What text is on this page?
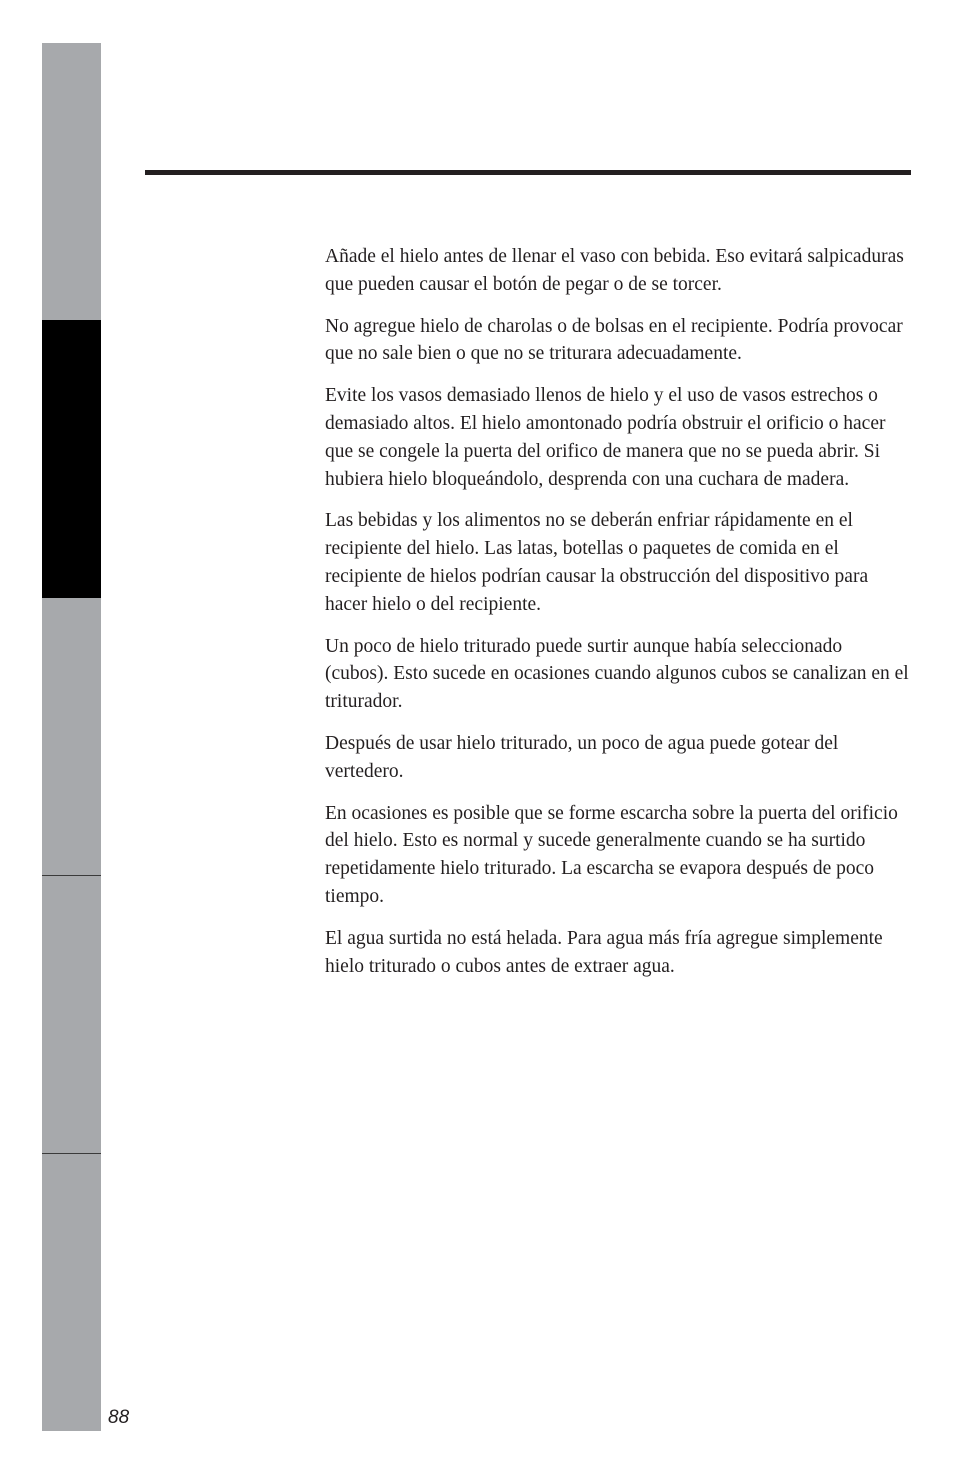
Añade el hielo antes de llenar el vaso con bebida. Eso evitará salpicaduras que pueden causar el botón de pegar o de se torcer.

No agregue hielo de charolas o de bolsas en el recipiente. Podría provocar que no sale bien o que no se triturara adecuadamente.

Evite los vasos demasiado llenos de hielo y el uso de vasos estrechos o demasiado altos. El hielo amontonado podría obstruir el orificio o hacer que se congele la puerta del orifico de manera que no se pueda abrir. Si hubiera hielo bloqueándolo, desprenda con una cuchara de madera.

Las bebidas y los alimentos no se deberán enfriar rápidamente en el recipiente del hielo. Las latas, botellas o paquetes de comida en el recipiente de hielos podrían causar la obstrucción del dispositivo para hacer hielo o del recipiente.

Un poco de hielo triturado puede surtir aunque había seleccionado(cubos). Esto sucede en ocasiones cuando algunos cubos se canalizan en el triturador.

Después de usar hielo triturado, un poco de agua puede gotear del vertedero.

En ocasiones es posible que se forme escarcha sobre la puerta del orificio del hielo. Esto es normal y sucede generalmente cuando se ha surtido repetidamente hielo triturado. La escarcha se evapora después de poco tiempo.

El agua surtida no está helada. Para agua más fría agregue simplemente hielo triturado o cubos antes de extraer agua.

88
